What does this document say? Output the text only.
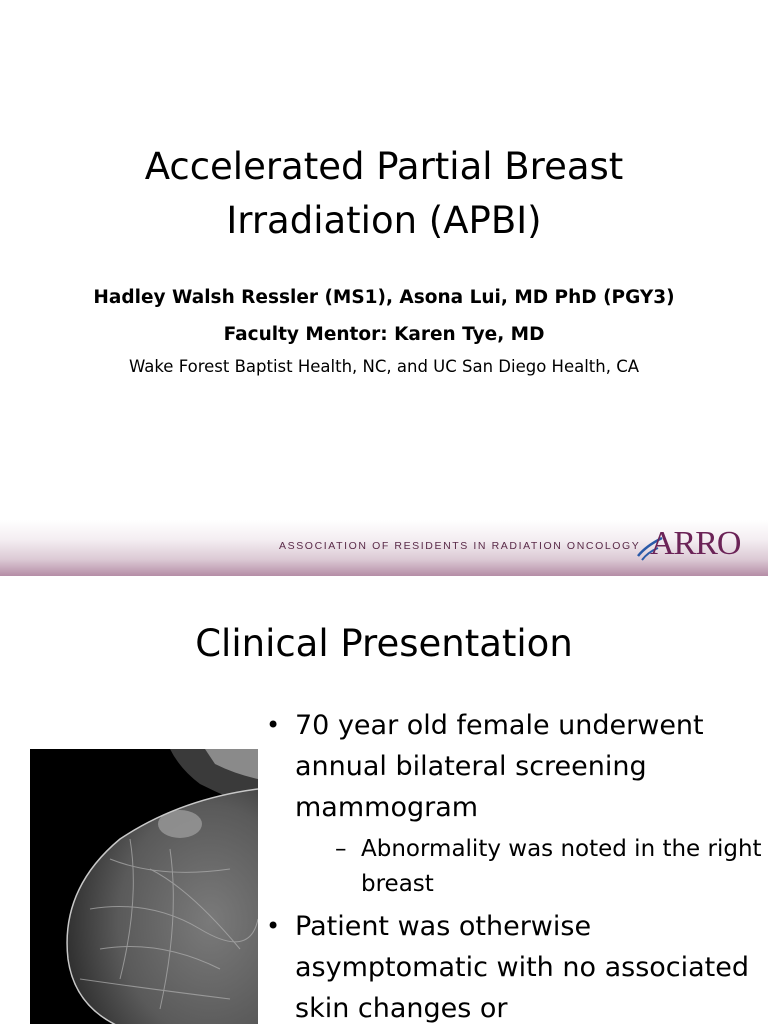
Accelerated Partial Breast
Irradiation (APBI)

Hadley Walsh Ressler (MS1), Asona Lui, MD PhD (PGY3)

Faculty Mentor: Karen Tye, MD

Wake Forest Baptist Health, NC, and UC San Diego Health, CA

ASSOCIATION OF RESIDENTS IN RADIATION ONCOLOGY ARRO
Clinical Presentation
• 70 year old female underwent annual bilateral screening mammogram
– Abnormality was noted in the right breast
• Patient was otherwise asymptomatic with no associated skin changes or
